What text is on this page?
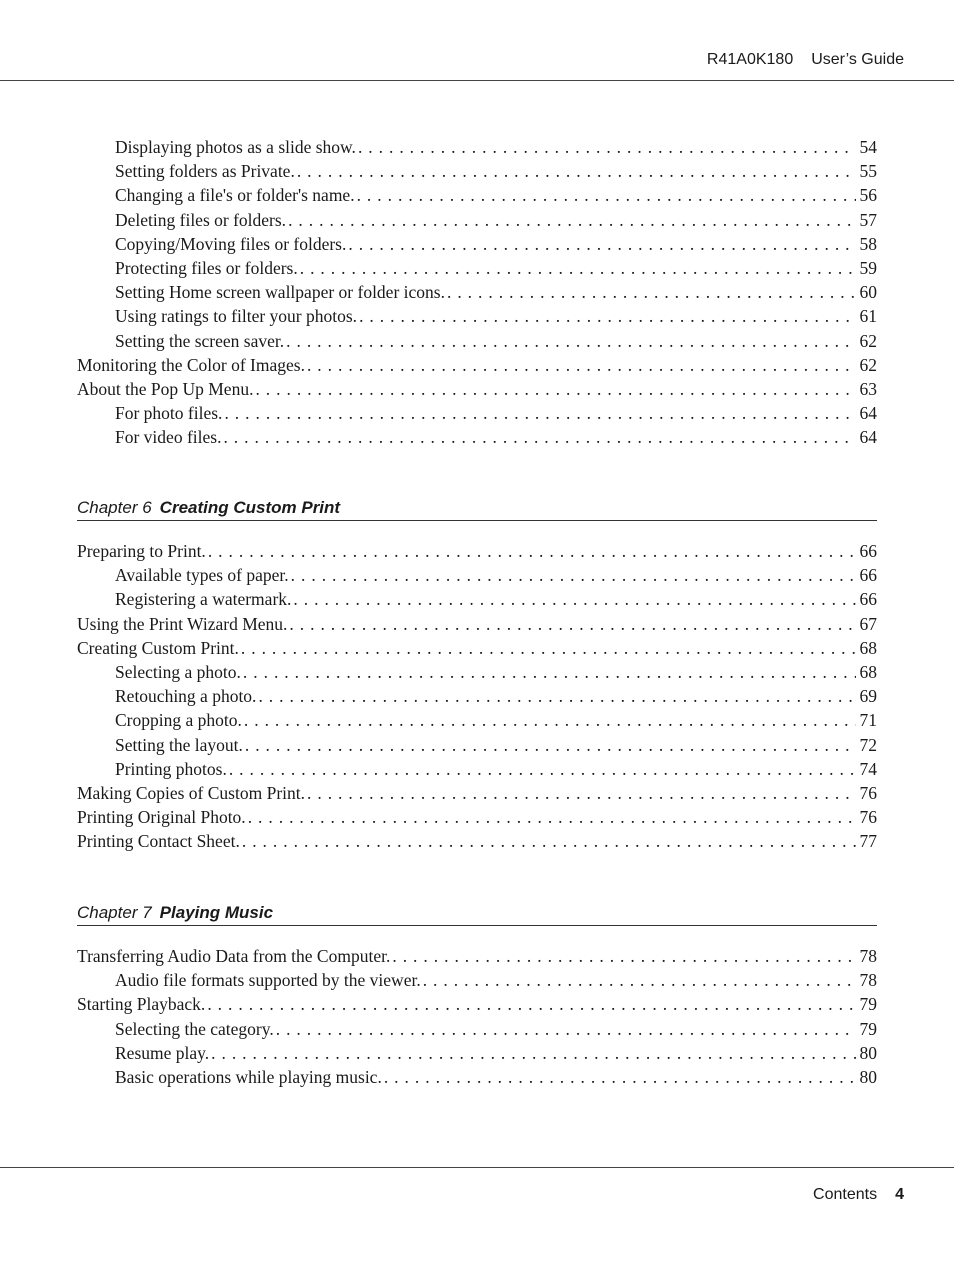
R41A0K180 User’s Guide
Displaying photos as a slide show. . . .	54
Setting folders as Private. . . .	55
Changing a file's or folder's name. . . .	56
Deleting files or folders. . . .	57
Copying/Moving files or folders. . . .	58
Protecting files or folders. . . .	59
Setting Home screen wallpaper or folder icons. . . .	60
Using ratings to filter your photos. . . .	61
Setting the screen saver. . . .	62
Monitoring the Color of Images. . . .	62
About the Pop Up Menu. . . .	63
For photo files. . . .	64
For video files. . . .	64
Chapter 6 Creating Custom Print
Preparing to Print. . . .	66
Available types of paper. . . .	66
Registering a watermark. . . .	66
Using the Print Wizard Menu. . . .	67
Creating Custom Print. . . .	68
Selecting a photo. . . .	68
Retouching a photo. . . .	69
Cropping a photo. . . .	71
Setting the layout. . . .	72
Printing photos. . . .	74
Making Copies of Custom Print. . . .	76
Printing Original Photo. . . .	76
Printing Contact Sheet. . . .	77
Chapter 7 Playing Music
Transferring Audio Data from the Computer. . . .	78
Audio file formats supported by the viewer. . . .	78
Starting Playback. . . .	79
Selecting the category. . . .	79
Resume play. . . .	80
Basic operations while playing music. . . .	80
Contents 4
